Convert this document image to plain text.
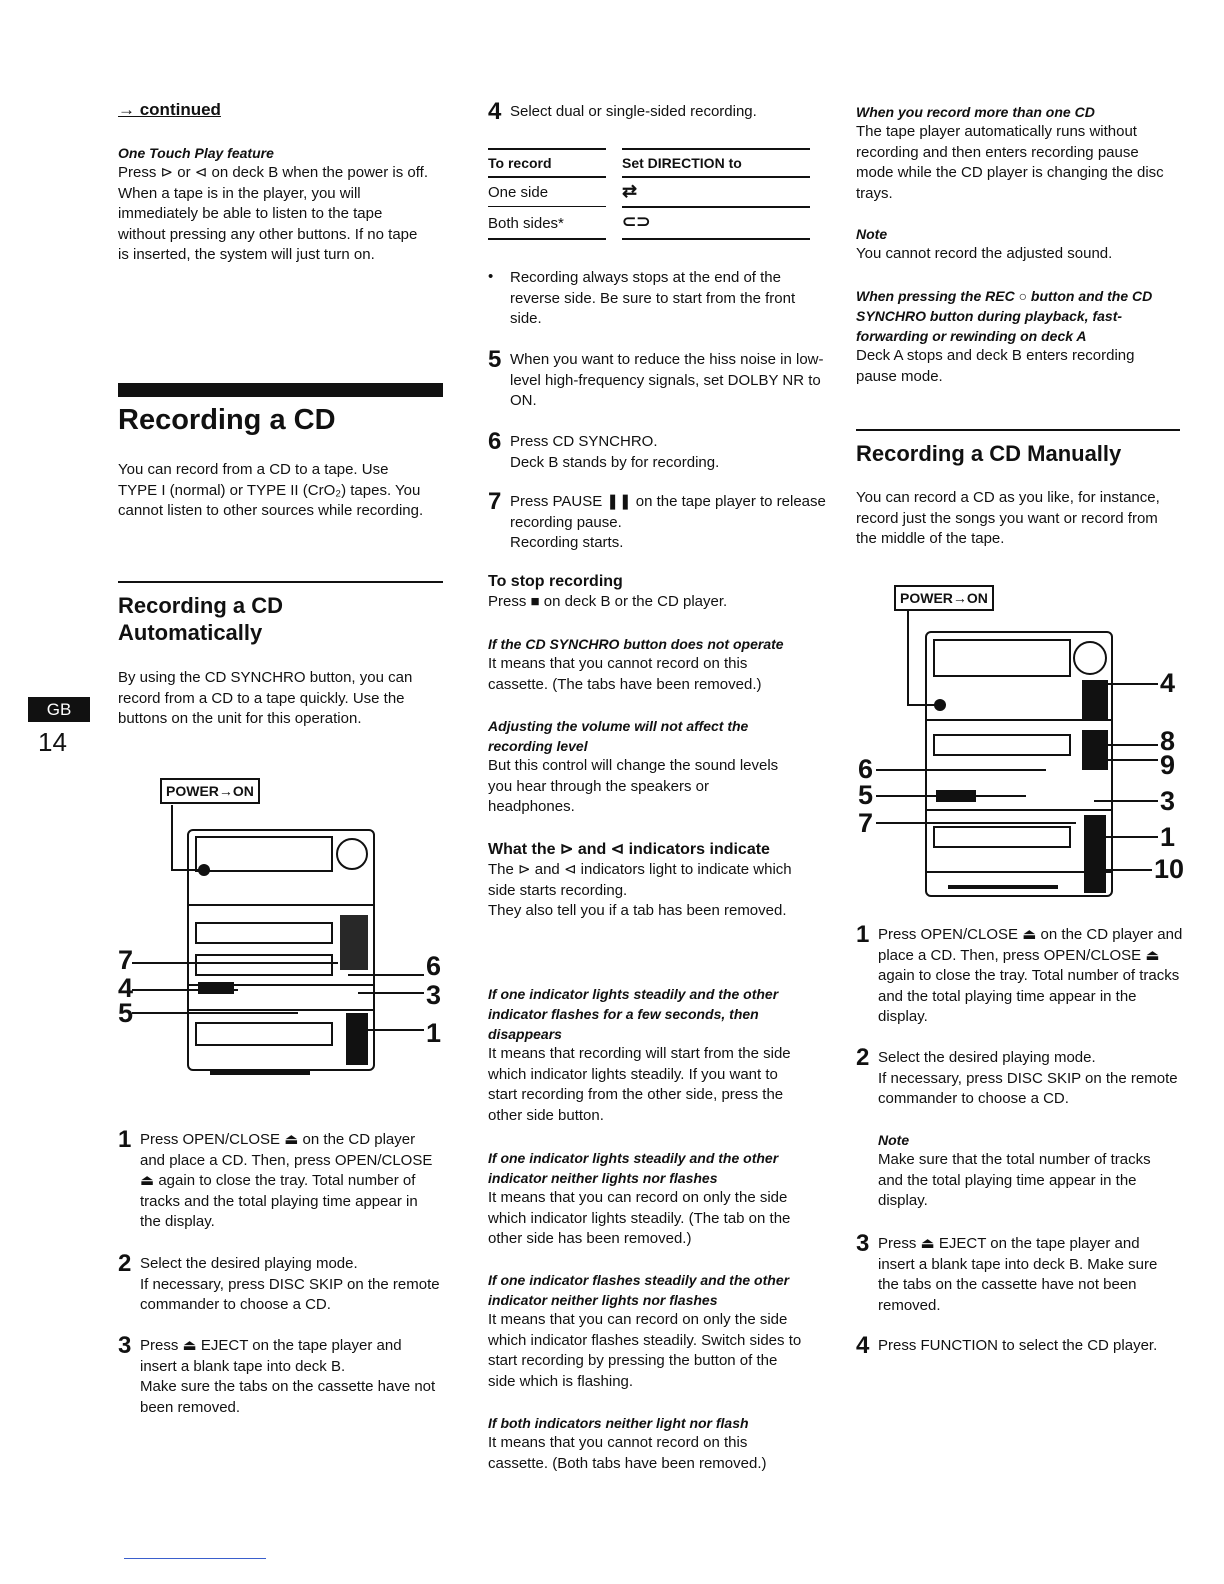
GB
14

→ continued

One Touch Play feature

Press ⊳ or ⊲ on deck B when the power is off.

When a tape is in the player, you will immediately be able to listen to the tape without pressing any other buttons. If no tape is inserted, the system will just turn on.

Recording a CD

You can record from a CD to a tape. Use TYPE I (normal) or TYPE II (CrO₂) tapes. You cannot listen to other sources while recording.

Recording a CD
Automatically

By using the CD SYNCHRO button, you can record from a CD to a tape quickly. Use the buttons on the unit for this operation.

POWER→ON
7
4
5
6
3
1
1 Press OPEN/CLOSE ⏏ on the CD player and place a CD. Then, press OPEN/CLOSE ⏏ again to close the tray. Total number of tracks and the total playing time appear in the display.

2 Select the desired playing mode.

If necessary, press DISC SKIP on the remote commander to choose a CD.

3 Press ⏏ EJECT on the tape player and insert a blank tape into deck B.

Make sure the tabs on the cassette have not been removed.

4 Select dual or single-sided recording.

To record	Set DIRECTION to
One side	⇄
Both sides*	⊂⊃
• Recording always stops at the end of the reverse side. Be sure to start from the front side.

5 When you want to reduce the hiss noise in low-level high-frequency signals, set DOLBY NR to ON.

6 Press CD SYNCHRO.

Deck B stands by for recording.

7 Press PAUSE ❚❚ on the tape player to release recording pause.

Recording starts.

To stop recording

Press ■ on deck B or the CD player.

If the CD SYNCHRO button does not operate

It means that you cannot record on this cassette. (The tabs have been removed.)

Adjusting the volume will not affect the recording level

But this control will change the sound levels you hear through the speakers or headphones.

What the ⊳ and ⊲ indicators indicate

The ⊳ and ⊲ indicators light to indicate which side starts recording.

They also tell you if a tab has been removed.

If one indicator lights steadily and the other indicator flashes for a few seconds, then disappears

It means that recording will start from the side which indicator lights steadily. If you want to start recording from the other side, press the other side button.

If one indicator lights steadily and the other indicator neither lights nor flashes

It means that you can record on only the side which indicator lights steadily. (The tab on the other side has been removed.)

If one indicator flashes steadily and the other indicator neither lights nor flashes

It means that you can record on only the side which indicator flashes steadily. Switch sides to start recording by pressing the button of the side which is flashing.

If both indicators neither light nor flash

It means that you cannot record on this cassette. (Both tabs have been removed.)

When you record more than one CD

The tape player automatically runs without recording and then enters recording pause mode while the CD player is changing the disc trays.

Note

You cannot record the adjusted sound.

When pressing the REC ○ button and the CD SYNCHRO button during playback, fast-forwarding or rewinding on deck A

Deck A stops and deck B enters recording pause mode.

Recording a CD Manually

You can record a CD as you like, for instance, record just the songs you want or record from the middle of the tape.

POWER→ON
6
5
7
4
8
9
3
1
10
1 Press OPEN/CLOSE ⏏ on the CD player and place a CD. Then, press OPEN/CLOSE ⏏ again to close the tray. Total number of tracks and the total playing time appear in the display.

2 Select the desired playing mode.

If necessary, press DISC SKIP on the remote commander to choose a CD.

Note

Make sure that the total number of tracks and the total playing time appear in the display.

3 Press ⏏ EJECT on the tape player and insert a blank tape into deck B. Make sure the tabs on the cassette have not been removed.

4 Press FUNCTION to select the CD player.
